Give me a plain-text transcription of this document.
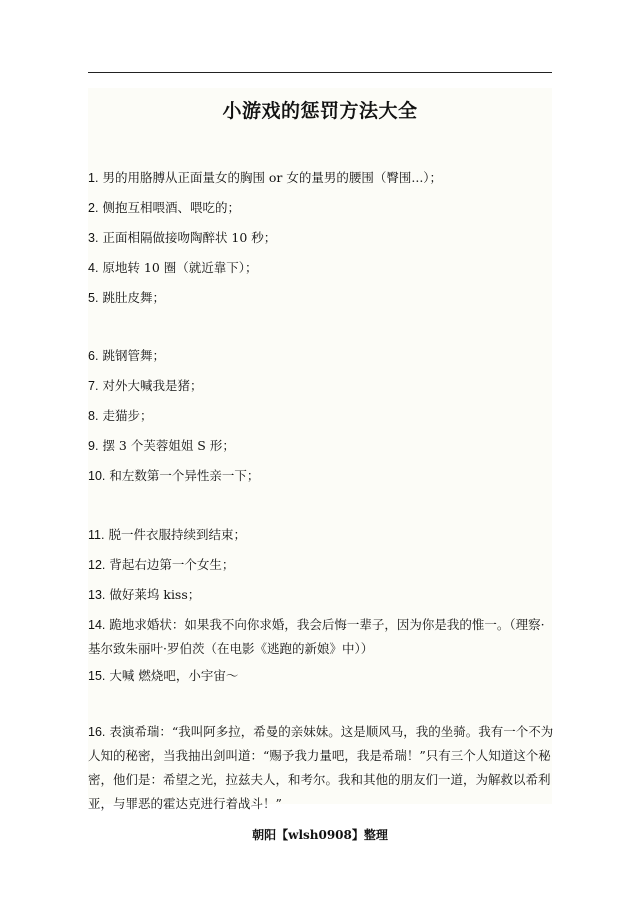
小游戏的惩罚方法大全
1. 男的用胳膊从正面量女的胸围 or 女的量男的腰围（臀围...）；
2. 侧抱互相喂酒、喂吃的；
3. 正面相隔做接吻陶醉状 10 秒；
4. 原地转 10 圈（就近靠下）；
5. 跳肚皮舞；
6. 跳钢管舞；
7. 对外大喊我是猪；
8. 走猫步；
9. 摆 3 个芙蓉姐姐 S 形；
10. 和左数第一个异性亲一下；
11. 脱一件衣服持续到结束；
12. 背起右边第一个女生；
13. 做好莱坞 kiss；
14. 跪地求婚状：如果我不向你求婚，我会后悔一辈子，因为你是我的惟一。（理察·基尔致朱丽叶·罗伯茨（在电影《逃跑的新娘》中））
15. 大喊 燃烧吧，小宇宙～
16. 表演希瑞：“我叫阿多拉，希曼的亲妹妹。这是顺风马，我的坐骑。我有一个不为人知的秘密，当我抽出剑叫道：“赐予我力量吧，我是希瑞！”只有三个人知道这个秘密，他们是：希望之光，拉兹夫人，和考尔。我和其他的朋友们一道，为解救以希利亚，与罪恶的霍达克进行着战斗！”
朝阳【wlsh0908】整理
